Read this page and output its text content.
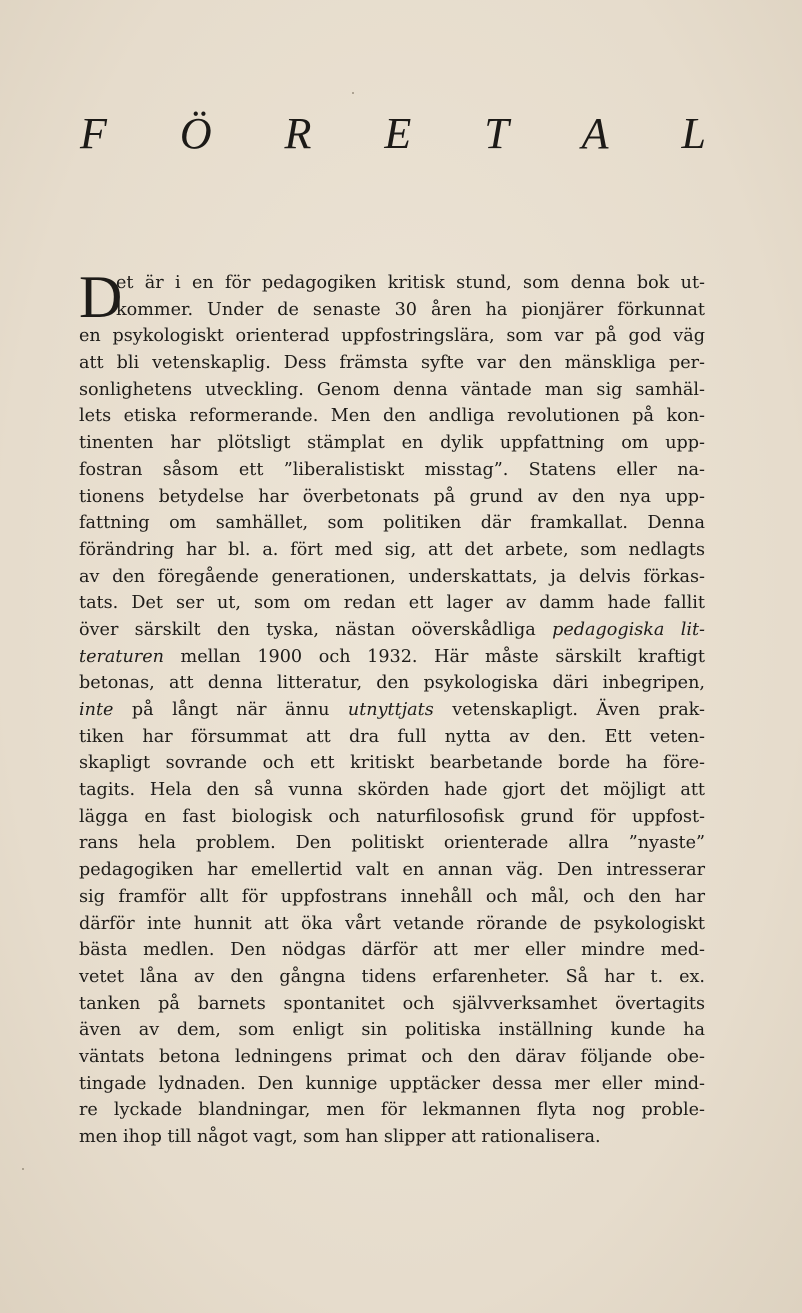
F Ö R E T A L
D
et är i en för pedagogiken kritisk stund, som denna bok ut-
kommer. Under de senaste 30 åren ha pionjärer förkunnat
en psykologiskt orienterad uppfostringslära, som var på god väg
att bli vetenskaplig. Dess främsta syfte var den mänskliga per-
sonlighetens utveckling. Genom denna väntade man sig samhäl-
lets etiska reformerande. Men den andliga revolutionen på kon-
tinenten har plötsligt stämplat en dylik uppfattning om upp-
fostran såsom ett ”liberalistiskt misstag”. Statens eller na-
tionens betydelse har överbetonats på grund av den nya upp-
fattning om samhället, som politiken där framkallat. Denna
förändring har bl. a. fört med sig, att det arbete, som nedlagts
av den föregående generationen, underskattats, ja delvis förkas-
tats. Det ser ut, som om redan ett lager av damm hade fallit
över särskilt den tyska, nästan oöverskådliga pedagogiska lit-
teraturen mellan 1900 och 1932. Här måste särskilt kraftigt
betonas, att denna litteratur, den psykologiska däri inbegripen,
inte på långt när ännu utnyttjats vetenskapligt. Även prak-
tiken har försummat att dra full nytta av den. Ett veten-
skapligt sovrande och ett kritiskt bearbetande borde ha före-
tagits. Hela den så vunna skörden hade gjort det möjligt att
lägga en fast biologisk och naturfilosofisk grund för uppfost-
rans hela problem. Den politiskt orienterade allra ”nyaste”
pedagogiken har emellertid valt en annan väg. Den intresserar
sig framför allt för uppfostrans innehåll och mål, och den har
därför inte hunnit att öka vårt vetande rörande de psykologiskt
bästa medlen. Den nödgas därför att mer eller mindre med-
vetet låna av den gångna tidens erfarenheter. Så har t. ex.
tanken på barnets spontanitet och självverksamhet övertagits
även av dem, som enligt sin politiska inställning kunde ha
väntats betona ledningens primat och den därav följande obe-
tingade lydnaden. Den kunnige upptäcker dessa mer eller mind-
re lyckade blandningar, men för lekmannen flyta nog proble-
men ihop till något vagt, som han slipper att rationalisera.
